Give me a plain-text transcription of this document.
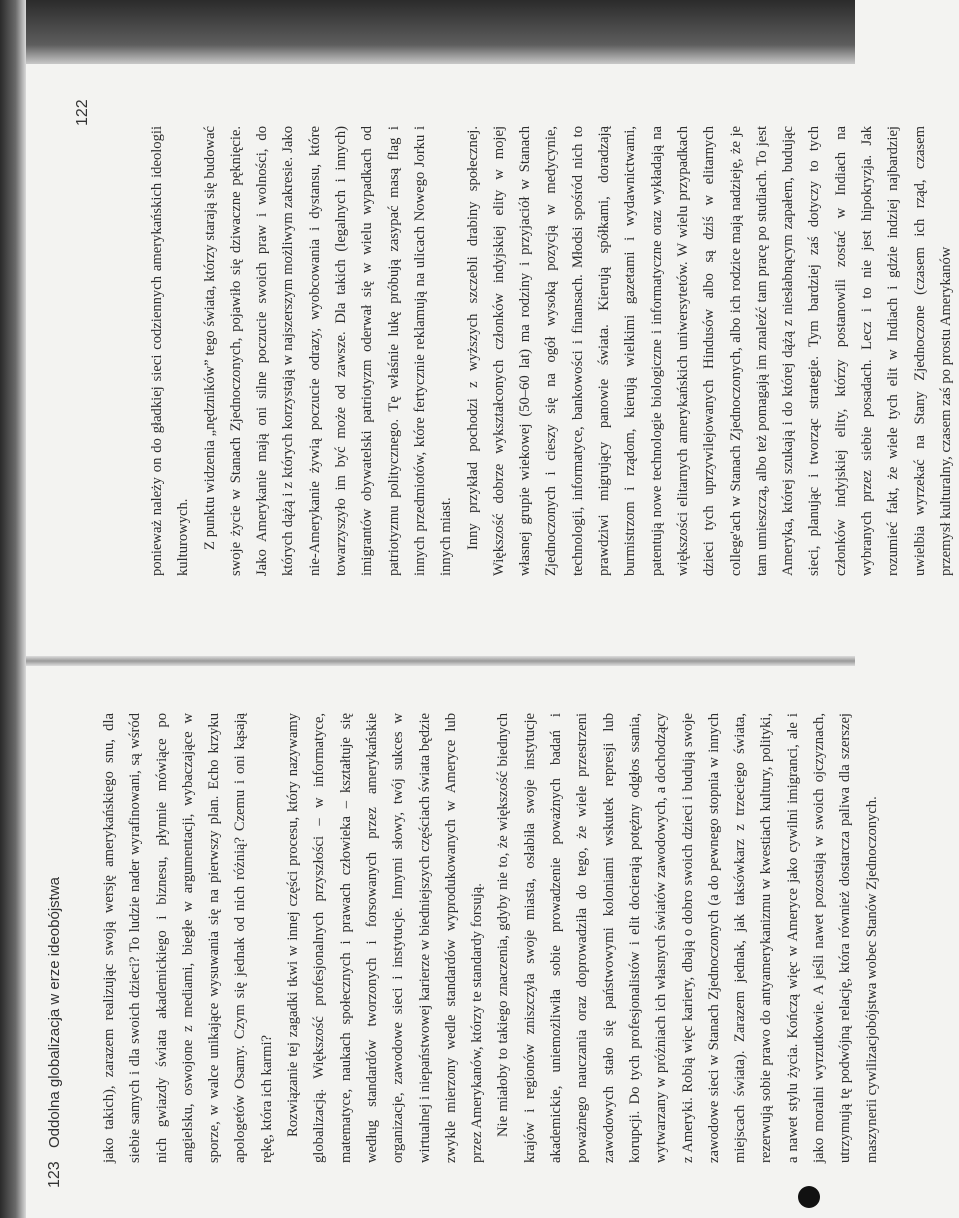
ponieważ należy on do gładkiej sieci codziennych amerykańskich ideologii kulturowych. Z punktu widzenia „nędzników” tego świata, którzy starają się budować swoje życie w Stanach Zjednoczonych, pojawiło się dziwaczne pęknięcie. Jako Amerykanie mają oni silne poczucie swoich praw i wolności, do których dążą i z których korzystają w najszerszym możliwym zakresie. Jako nie-Amerykanie żywią poczucie odrazy, wyobcowania i dystansu, które towarzyszyło im być może od zawsze. Dla takich (legalnych i innych) imigrantów obywatelski patriotyzm oderwał się w wielu wypadkach od patriotyzmu politycznego. Tę właśnie lukę próbują zasypać masą flag i innych przedmiotów, które fertycznie reklamują na ulicach Nowego Jorku i innych miast. Inny przykład pochodzi z wyższych szczebli drabiny społecznej. Większość dobrze wykształconych członków indyjskiej elity w mojej własnej grupie wiekowej (50–60 lat) ma rodziny i przyjaciół w Stanach Zjednoczonych i cieszy się na ogół wysoką pozycją w medycynie, technologii, informatyce, bankowości i finansach. Młodsi spośród nich to prawdziwi migrujący panowie świata. Kierują spółkami, doradzają burmistrzom i rządom, kierują wielkimi gazetami i wydawnictwami, patentują nowe technologie biologiczne i informatyczne oraz wykładają na większości elitarnych amerykańskich uniwersytetów. W wielu przypadkach dzieci tych uprzywilejowanych Hindusów albo są dziś w elitarnych college'ach w Stanach Zjednoczonych, albo ich rodzice mają nadzieję, że je tam umieszczą, albo też pomagają im znaleźć tam pracę po studiach. To jest Ameryka, której szukają i do której dążą z niesłabnącym zapałem, budując sieci, planując i tworząc strategie. Tym bardziej zaś dotyczy to tych członków indyjskiej elity, którzy postanowili zostać w Indiach na wybranych przez siebie posadach. Lecz i to nie jest hipokryzja. Jak rozumieć fakt, że wiele tych elit w Indiach i gdzie indziej najbardziej uwielbia wyrzekać na Stany Zjednoczone (czasem ich rząd, czasem przemysł kulturalny, czasem zaś po prostu Amerykanów

122
Oddolna globalizacja w erze ideobójstwa
123

jako takich), zarazem realizując swoją wersję amerykańskiego snu, dla siebie samych i dla swoich dzieci? To ludzie nader wyrafinowani, są wśród nich gwiazdy świata akademickiego i biznesu, płynnie mówiące po angielsku, oswojone z mediami, biegłe w argumentacji, wybaczające w sporze, w walce unikające wysuwania się na pierwszy plan. Echo krzyku apologetów Osamy. Czym się jednak od nich różnią? Czemu i oni kąsają rękę, która ich karmi? Rozwiązanie tej zagadki tkwi w innej części procesu, który nazywamy globalizacją. Większość profesjonalnych przyszłości – w informatyce, matematyce, naukach społecznych i prawach człowieka – kształtuje się według standardów tworzonych i forsowanych przez amerykańskie organizacje, zawodowe sieci i instytucje. Innymi słowy, twój sukces w wirtualnej i niepaństwowej karierze w biedniejszych częściach świata będzie zwykle mierzony wedle standardów wyprodukowanych w Ameryce lub przez Amerykanów, którzy te standardy forsują. Nie miałoby to takiego znaczenia, gdyby nie to, że większość biednych krajów i regionów zniszczyła swoje miasta, osłabiła swoje instytucje akademickie, uniemożliwiła sobie prowadzenie poważnych badań i poważnego nauczania oraz doprowadziła do tego, że wiele przestrzeni zawodowych stało się państwowymi koloniami wskutek represji lub korupcji. Do tych profesjonalistów i elit docierają potężny odgłos ssania, wytwarzany w próżniach ich własnych światów zawodowych, a dochodzący z Ameryki. Robią więc kariery, dbają o dobro swoich dzieci i budują swoje zawodowe sieci w Stanach Zjednoczonych (a do pewnego stopnia w innych miejscach świata). Zarazem jednak, jak taksówkarz z trzeciego świata, rezerwują sobie prawo do antyamerykanizmu w kwestiach kultury, polityki, a nawet stylu życia. Kończą więc w Ameryce jako cywilni imigranci, ale i jako moralni wyrzutkowie. A jeśli nawet pozostają w swoich ojczyznach, utrzymują tę podwójną relację, która również dostarcza paliwa dla szerszej maszynerii cywilizacjobójstwa wobec Stanów Zjednoczonych.
